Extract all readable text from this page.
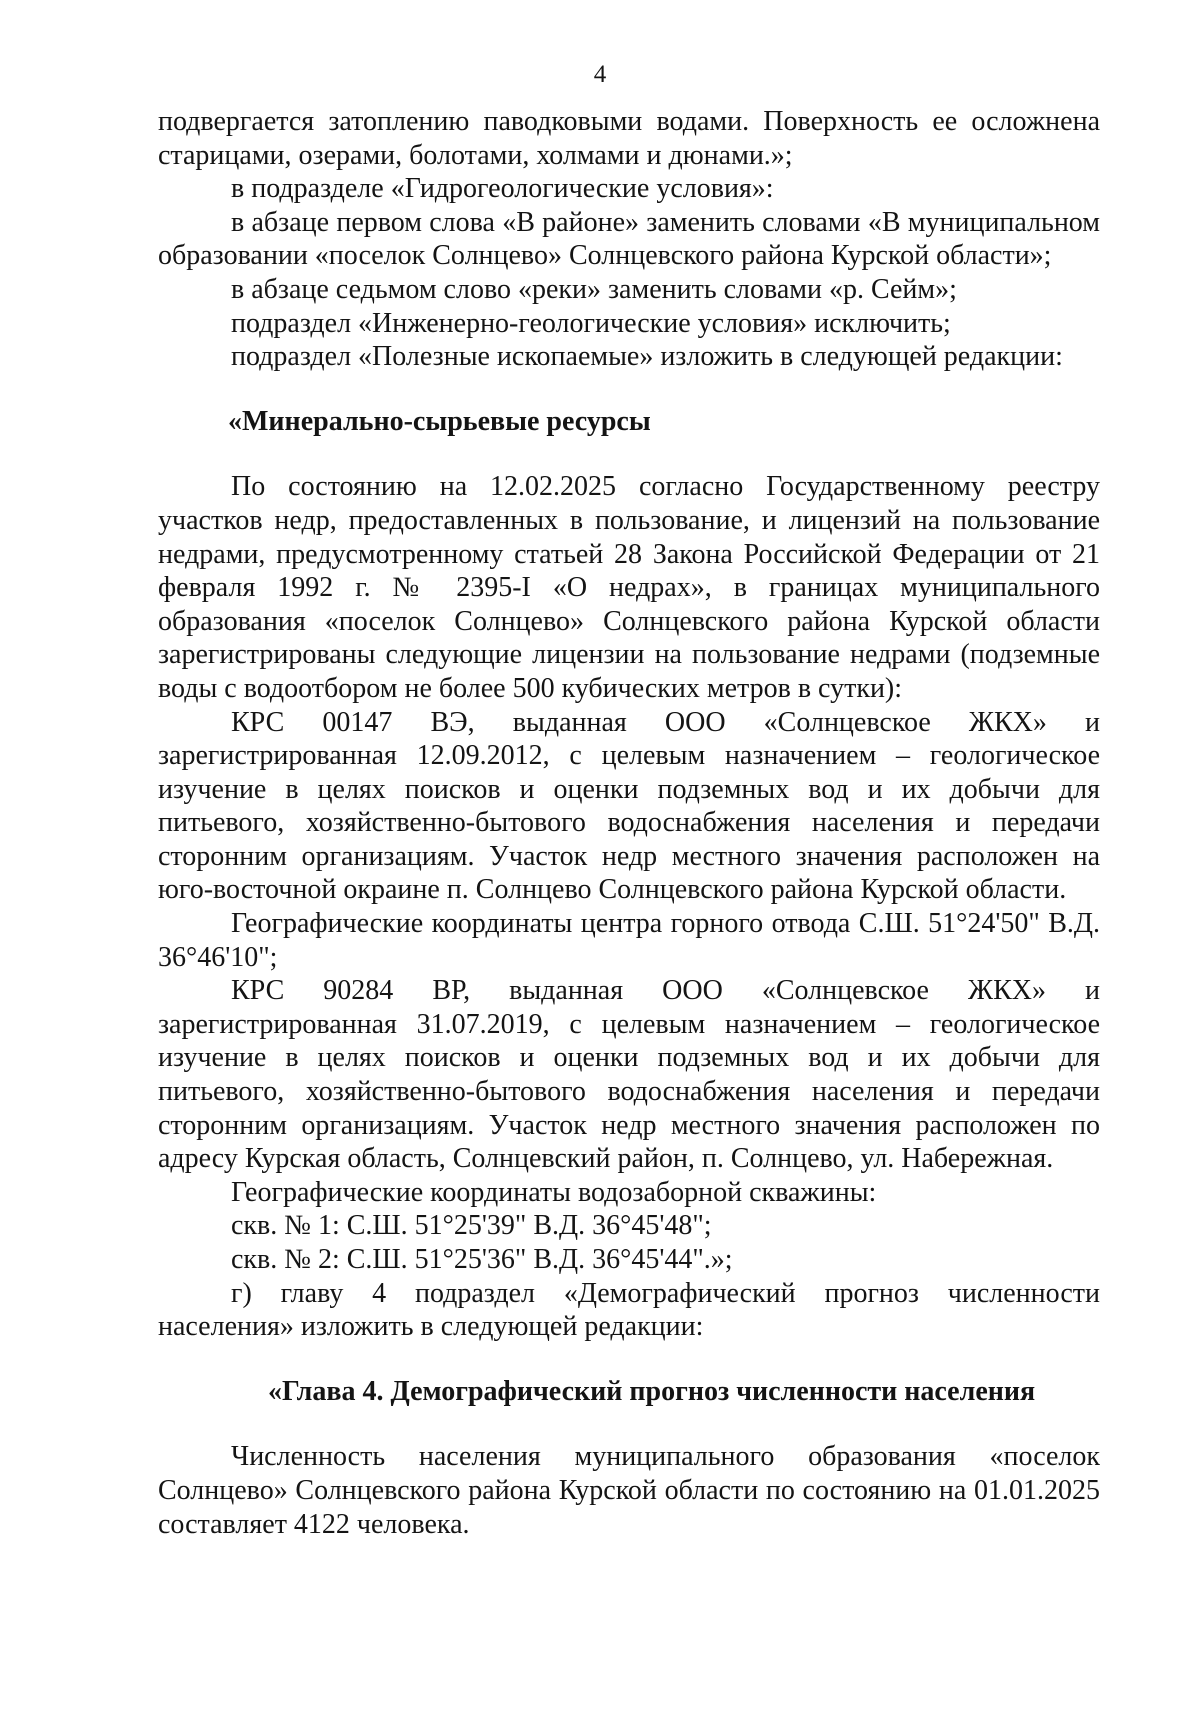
4

подвергается затоплению паводковыми водами. Поверхность ее осложнена старицами, озерами, болотами, холмами и дюнами.»;

в подразделе «Гидрогеологические условия»:

в абзаце первом слова «В районе» заменить словами «В муниципальном образовании «поселок Солнцево» Солнцевского района Курской области»;

в абзаце седьмом слово «реки» заменить словами «р. Сейм»;

подраздел «Инженерно-геологические условия» исключить;

подраздел «Полезные ископаемые» изложить в следующей редакции:

«Минерально-сырьевые ресурсы

По состоянию на 12.02.2025 согласно Государственному реестру участков недр, предоставленных в пользование, и лицензий на пользование недрами, предусмотренному статьей 28 Закона Российской Федерации от 21 февраля 1992 г. № 2395-I «О недрах», в границах муниципального образования «поселок Солнцево» Солнцевского района Курской области зарегистрированы следующие лицензии на пользование недрами (подземные воды с водоотбором не более 500 кубических метров в сутки):

КРС 00147 ВЭ, выданная ООО «Солнцевское ЖКХ» и зарегистрированная 12.09.2012, с целевым назначением – геологическое изучение в целях поисков и оценки подземных вод и их добычи для питьевого, хозяйственно-бытового водоснабжения населения и передачи сторонним организациям. Участок недр местного значения расположен на юго-восточной окраине п. Солнцево Солнцевского района Курской области.

Географические координаты центра горного отвода С.Ш. 51°24'50" В.Д. 36°46'10";

КРС 90284 ВР, выданная ООО «Солнцевское ЖКХ» и зарегистрированная 31.07.2019, с целевым назначением – геологическое изучение в целях поисков и оценки подземных вод и их добычи для питьевого, хозяйственно-бытового водоснабжения населения и передачи сторонним организациям. Участок недр местного значения расположен по адресу Курская область, Солнцевский район, п. Солнцево, ул. Набережная.

Географические координаты водозаборной скважины:

скв. № 1: С.Ш. 51°25'39" В.Д. 36°45'48";

скв. № 2: С.Ш. 51°25'36" В.Д. 36°45'44".»;

г) главу 4 подраздел «Демографический прогноз численности населения» изложить в следующей редакции:

«Глава 4. Демографический прогноз численности населения

Численность населения муниципального образования «поселок Солнцево» Солнцевского района Курской области по состоянию на 01.01.2025 составляет 4122 человека.
